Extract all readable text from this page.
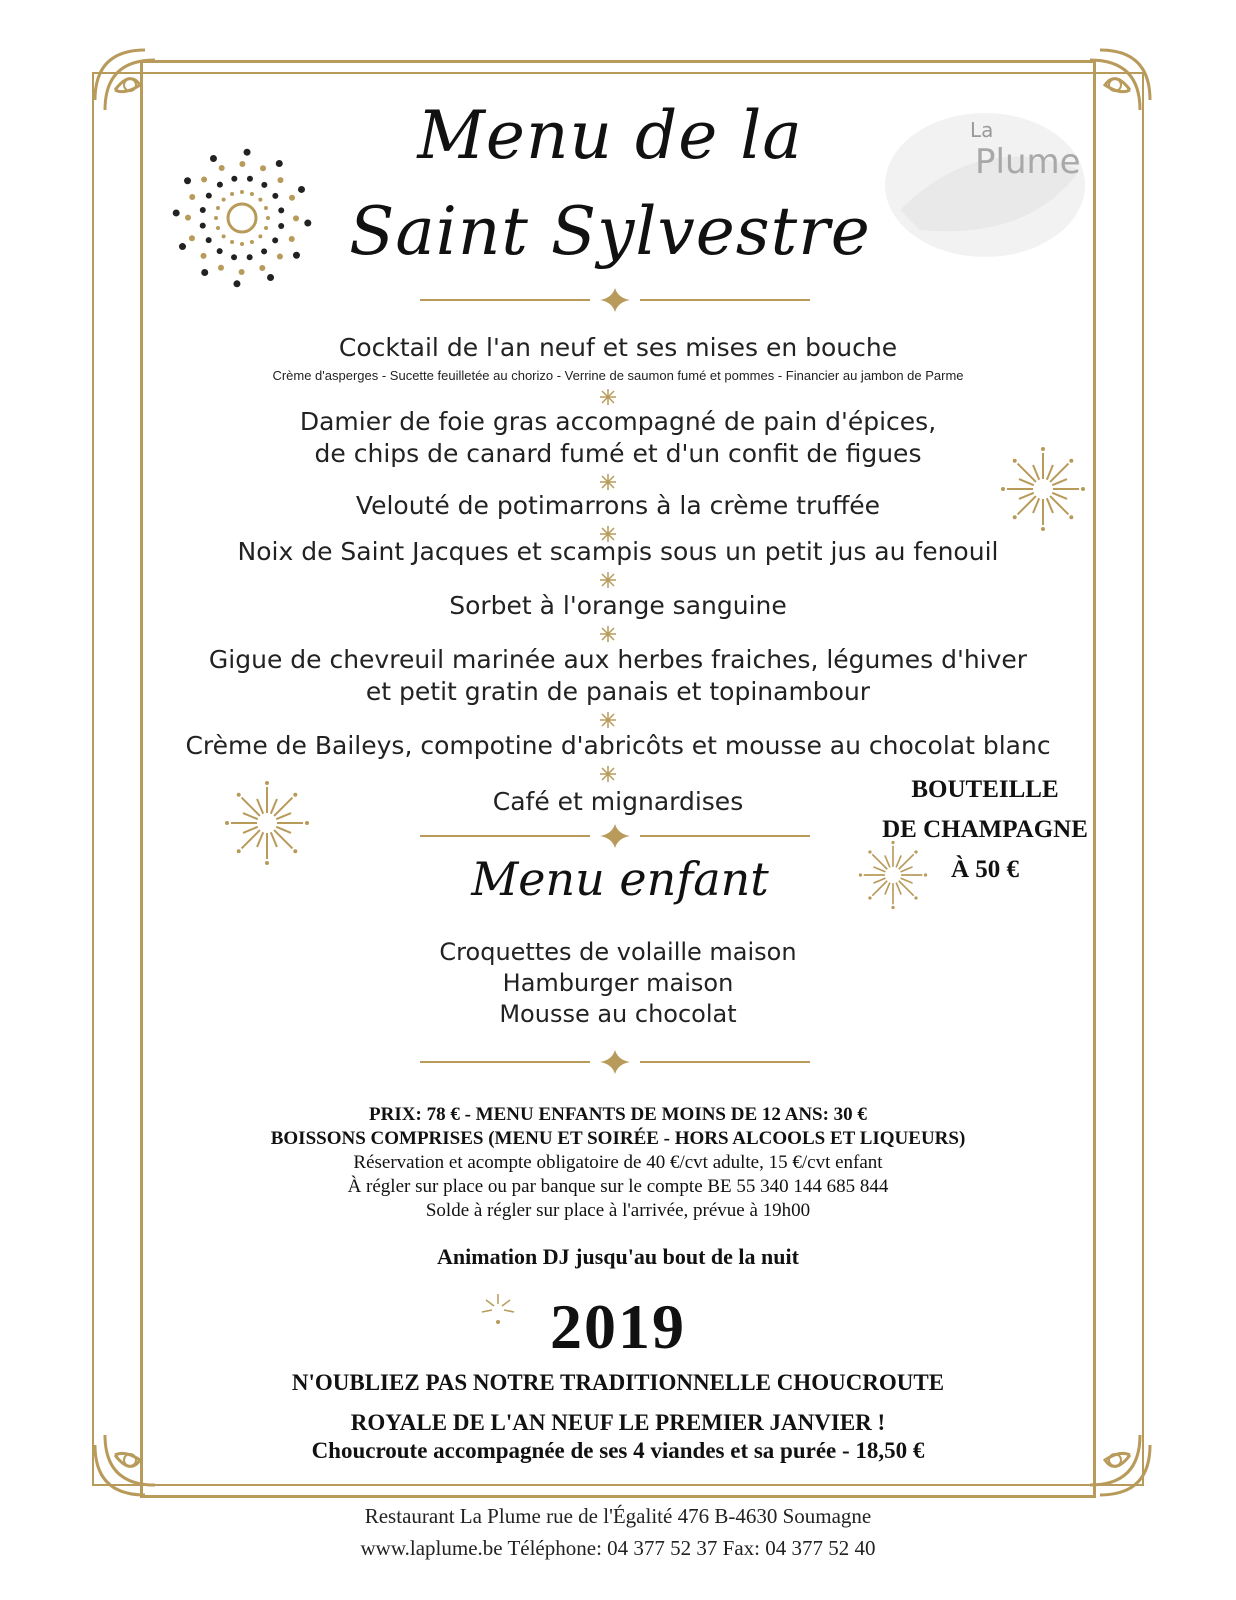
Menu de la
Saint Sylvestre
La
Plume
Cocktail de l'an neuf et ses mises en bouche
Crème d'asperges - Sucette feuilletée au chorizo - Verrine de saumon fumé et pommes - Financier au jambon de Parme
Damier de foie gras accompagné de pain d'épices,
de chips de canard fumé et d'un confit de figues
Velouté de potimarrons à la crème truffée
Noix de Saint Jacques et scampis sous un petit jus au fenouil
Sorbet à l'orange sanguine
Gigue de chevreuil marinée aux herbes fraiches, légumes d'hiver
et petit gratin de panais et topinambour
Crème de Baileys, compotine d'abricôts et mousse au chocolat blanc
Café et mignardises	BOUTEILLE
DE CHAMPAGNE
À 50 €
Menu enfant
Croquettes de volaille maison
Hamburger maison
Mousse au chocolat
PRIX: 78 € - MENU ENFANTS DE MOINS DE 12 ANS: 30 €
BOISSONS COMPRISES (MENU ET SOIRÉE - HORS ALCOOLS ET LIQUEURS)
Réservation et acompte obligatoire de 40 €/cvt adulte, 15 €/cvt enfant
À régler sur place ou par banque sur le compte BE 55 340 144 685 844
Solde à régler sur place à l'arrivée, prévue à 19h00
Animation DJ jusqu'au bout de la nuit
2019
N'OUBLIEZ PAS NOTRE TRADITIONNELLE CHOUCROUTE
ROYALE DE L'AN NEUF LE PREMIER JANVIER !
Choucroute accompagnée de ses 4 viandes et sa purée - 18,50 €
Restaurant La Plume rue de l'Égalité 476 B-4630 Soumagne
www.laplume.be Téléphone: 04 377 52 37 Fax: 04 377 52 40
